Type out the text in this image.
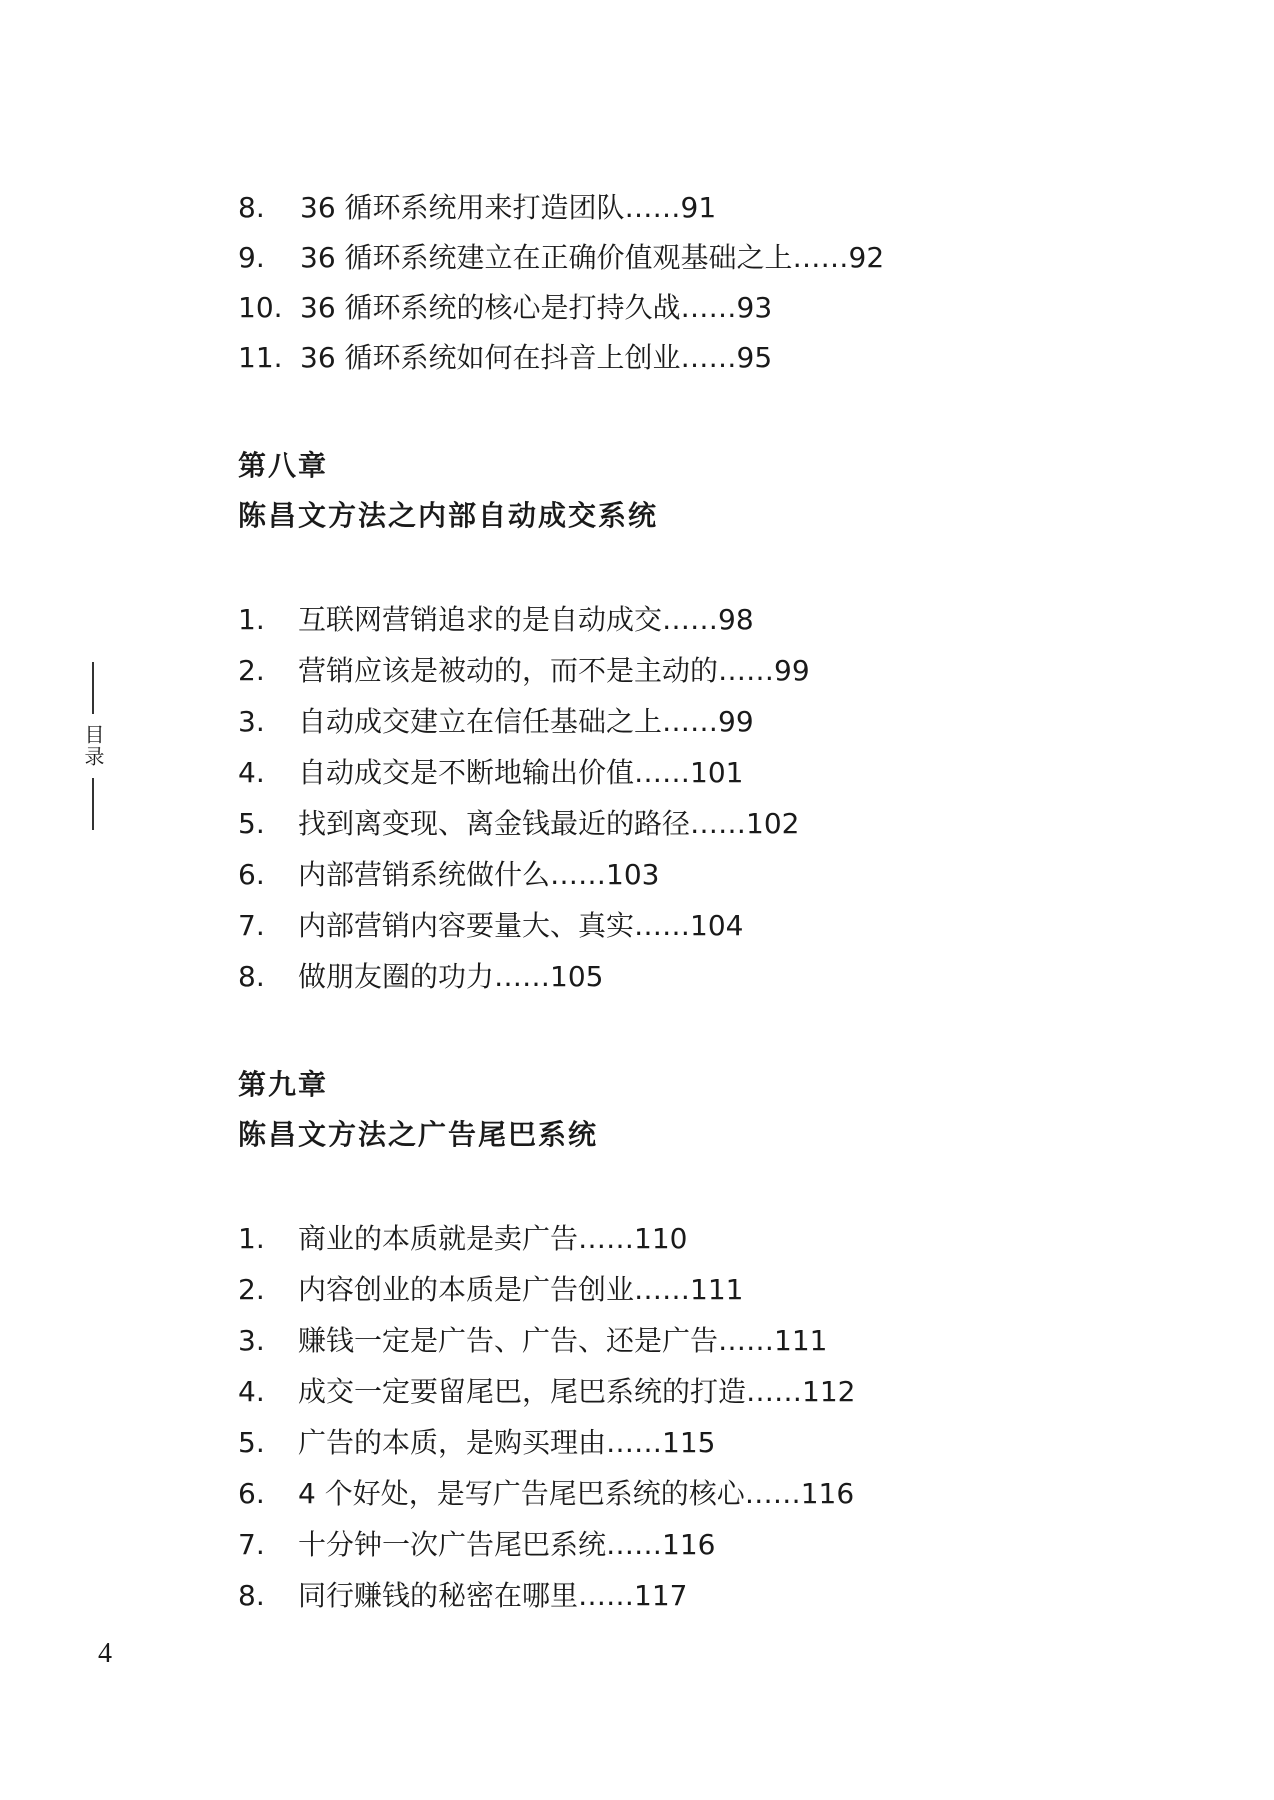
8. 36 循环系统用来打造团队……91
9. 36 循环系统建立在正确价值观基础之上……92
10. 36 循环系统的核心是打持久战……93
11. 36 循环系统如何在抖音上创业……95
第八章
陈昌文方法之内部自动成交系统
1. 互联网营销追求的是自动成交……98
2. 营销应该是被动的，而不是主动的……99
3. 自动成交建立在信任基础之上……99
4. 自动成交是不断地输出价值……101
5. 找到离变现、离金钱最近的路径……102
6. 内部营销系统做什么……103
7. 内部营销内容要量大、真实……104
8. 做朋友圈的功力……105
第九章
陈昌文方法之广告尾巴系统
1. 商业的本质就是卖广告……110
2. 内容创业的本质是广告创业……111
3. 赚钱一定是广告、广告、还是广告……111
4. 成交一定要留尾巴，尾巴系统的打造……112
5. 广告的本质，是购买理由……115
6. 4 个好处，是写广告尾巴系统的核心……116
7. 十分钟一次广告尾巴系统……116
8. 同行赚钱的秘密在哪里……117
目录
4
